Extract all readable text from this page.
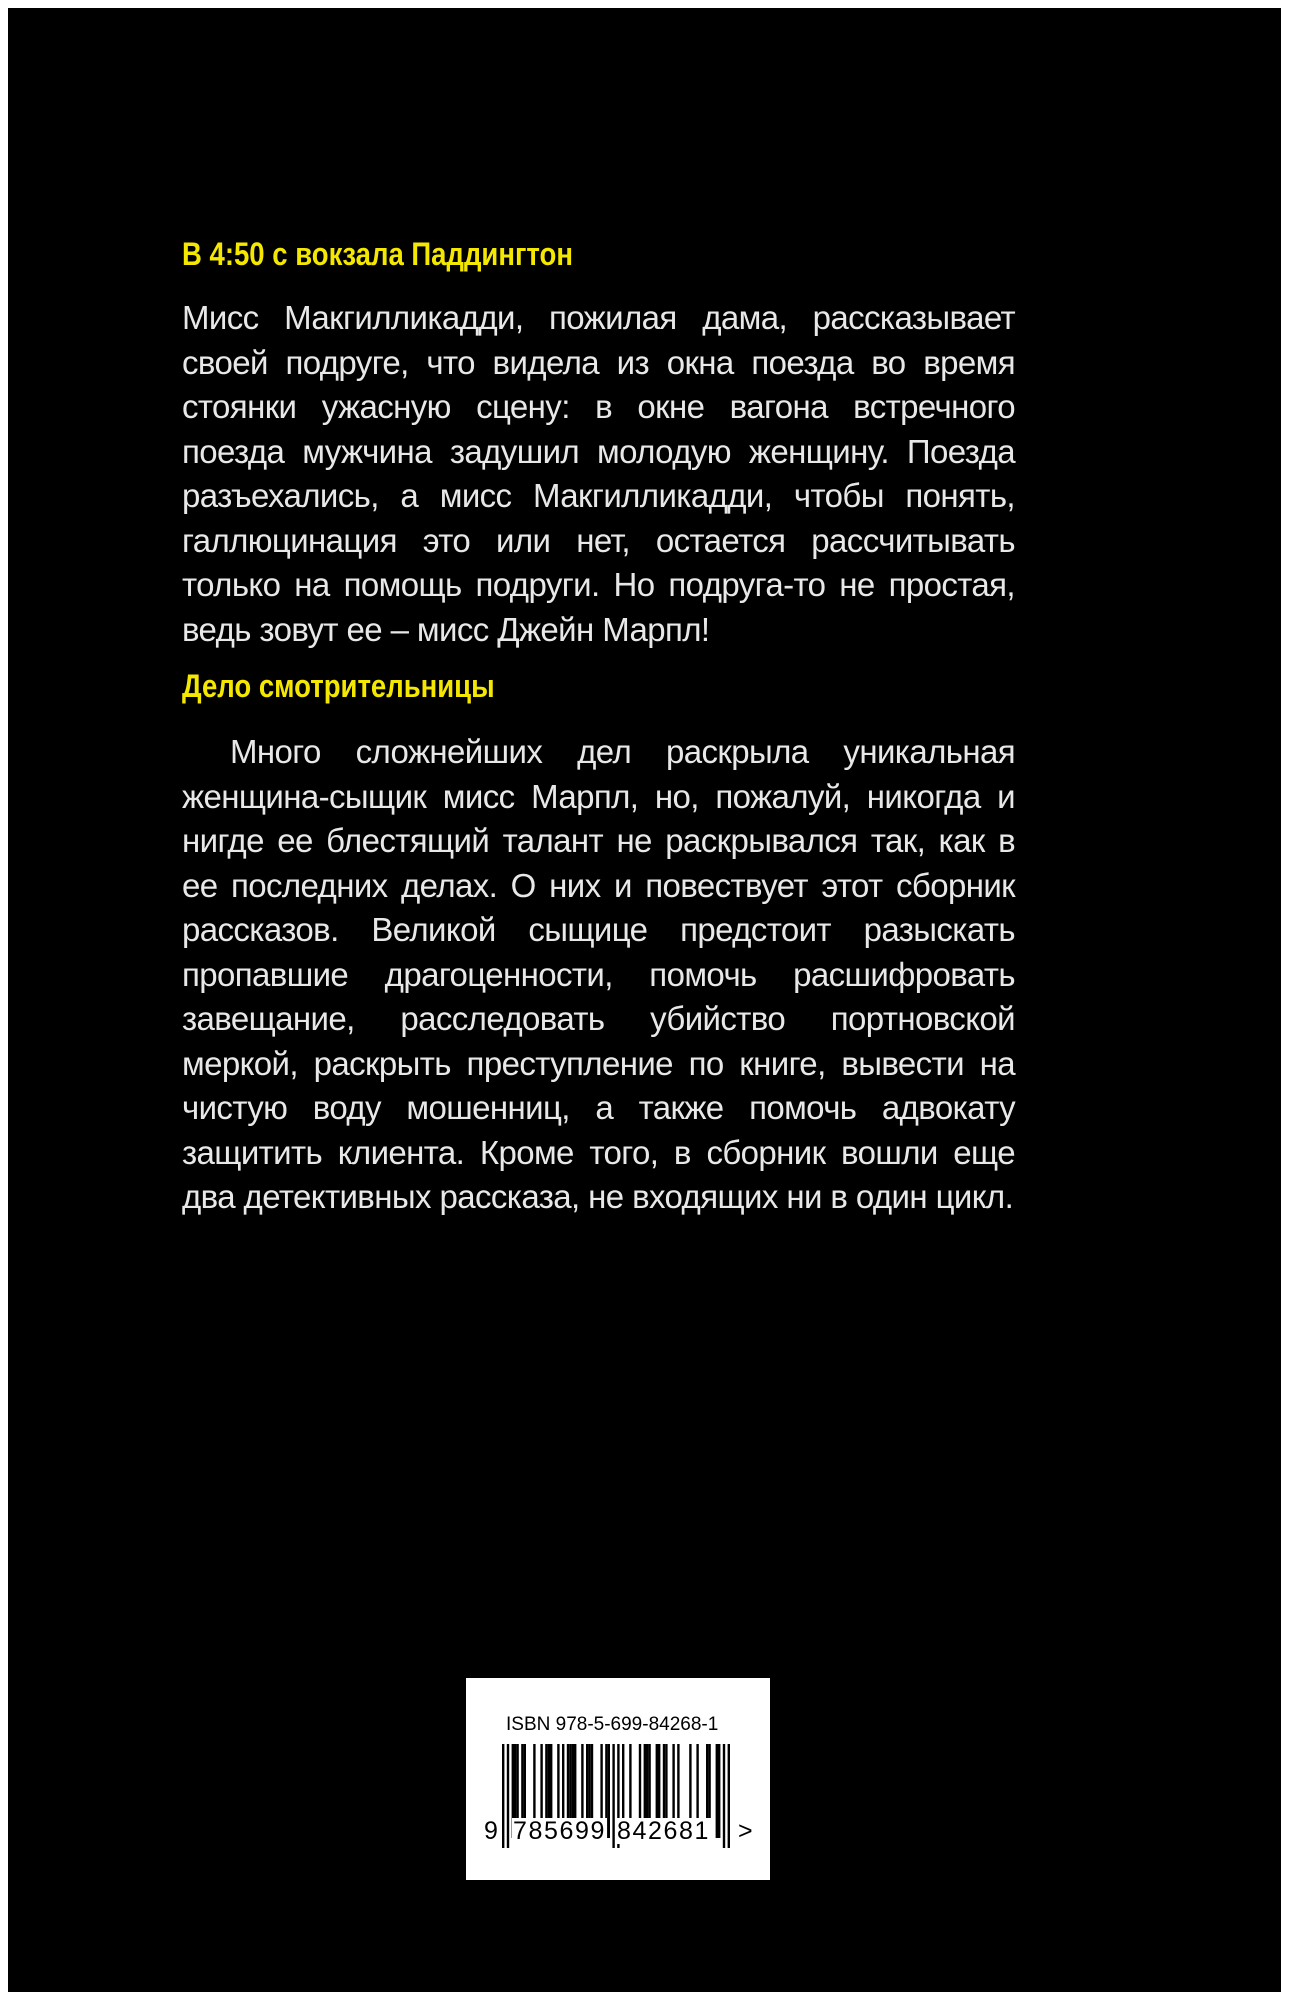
В 4:50 с вокзала Паддингтон

Мисс Макгилликадди, пожилая дама, рассказывает своей подруге, что видела из окна поезда во время стоянки ужасную сцену: в окне вагона встречного поезда мужчина задушил молодую женщину. Поезда разъехались, а мисс Макгилликадди, чтобы понять, галлюцинация это или нет, остается рассчитывать только на помощь подруги. Но подруга-то не простая, ведь зовут ее – мисс Джейн Марпл!

Дело смотрительницы

Много сложнейших дел раскрыла уникальная женщина-сыщик мисс Марпл, но, пожалуй, никогда и нигде ее блестящий талант не раскрывался так, как в ее последних делах. О них и повествует этот сборник рассказов. Великой сыщице предстоит разыскать пропавшие драгоценности, помочь расшифровать завещание, расследовать убийство портновской меркой, раскрыть преступление по книге, вывести на чистую воду мошенниц, а также помочь адвокату защитить клиента. Кроме того, в сборник вошли еще два детективных рассказа, не входящих ни в один цикл.

ISBN 978-5-699-84268-1
9 785699 842681 >
